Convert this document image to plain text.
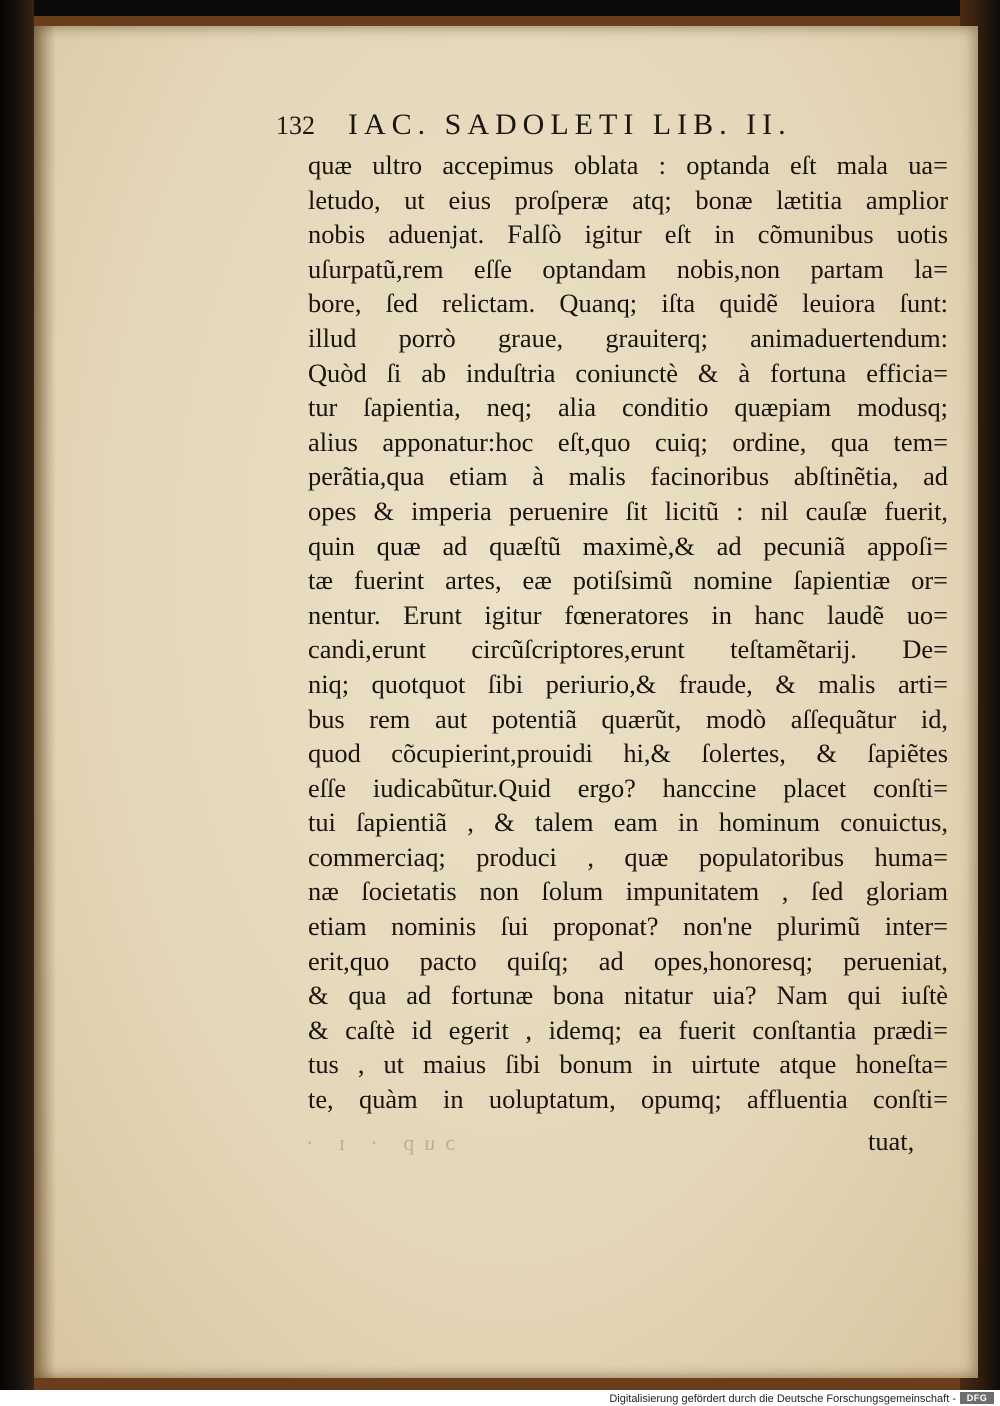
132 IAC. SADOLETI LIB. II.
quæ ultro accepimus oblata : optanda eſt mala ua=
letudo, ut eius proſperæ atq; bonæ lætitia amplior
nobis aduenjat. Falſò igitur eſt in cõmunibus uotis
uſurpatũ,rem eſſe optandam nobis,non partam la=
bore, ſed relictam. Quanq; iſta quidẽ leuiora ſunt:
illud porrò graue, grauiterq; animaduertendum:
Quòd ſi ab induſtria coniunctè & à fortuna efficia=
tur ſapientia, neq; alia conditio quæpiam modusq;
alius apponatur:hoc eſt,quo cuiq; ordine, qua tem=
perãtia,qua etiam à malis facinoribus abſtinẽtia, ad
opes & imperia peruenire ſit licitũ : nil cauſæ fuerit,
quin quæ ad quæſtũ maximè,& ad pecuniã appoſi=
tæ fuerint artes, eæ potiſsimũ nomine ſapientiæ or=
nentur. Erunt igitur fœneratores in hanc laudẽ uo=
candi,erunt circũſcriptores,erunt teſtamẽtarij. De=
niq; quotquot ſibi periurio,& fraude, & malis arti=
bus rem aut potentiã quærũt, modò aſſequãtur id,
quod cõcupierint,prouidi hi,& ſolertes, & ſapiẽtes
eſſe iudicabũtur.Quid ergo? hanccine placet conſti=
tui ſapientiã , & talem eam in hominum conuictus,
commerciaq; produci , quæ populatoribus huma=
næ ſocietatis non ſolum impunitatem , ſed gloriam
etiam nominis ſui proponat? non'ne plurimũ inter=
erit,quo pacto quiſq; ad opes,honoresq; perueniat,
& qua ad fortunæ bona nitatur uia? Nam qui iuſtè
& caſtè id egerit , idemq; ea fuerit conſtantia prædi=
tus , ut maius ſibi bonum in uirtute atque honeſta=
te, quàm in uoluptatum, opumq; affluentia conſti=
ɔup · ı ·	tuat,
Digitalisierung gefördert durch die Deutsche Forschungsgemeinschaft -	DFG
